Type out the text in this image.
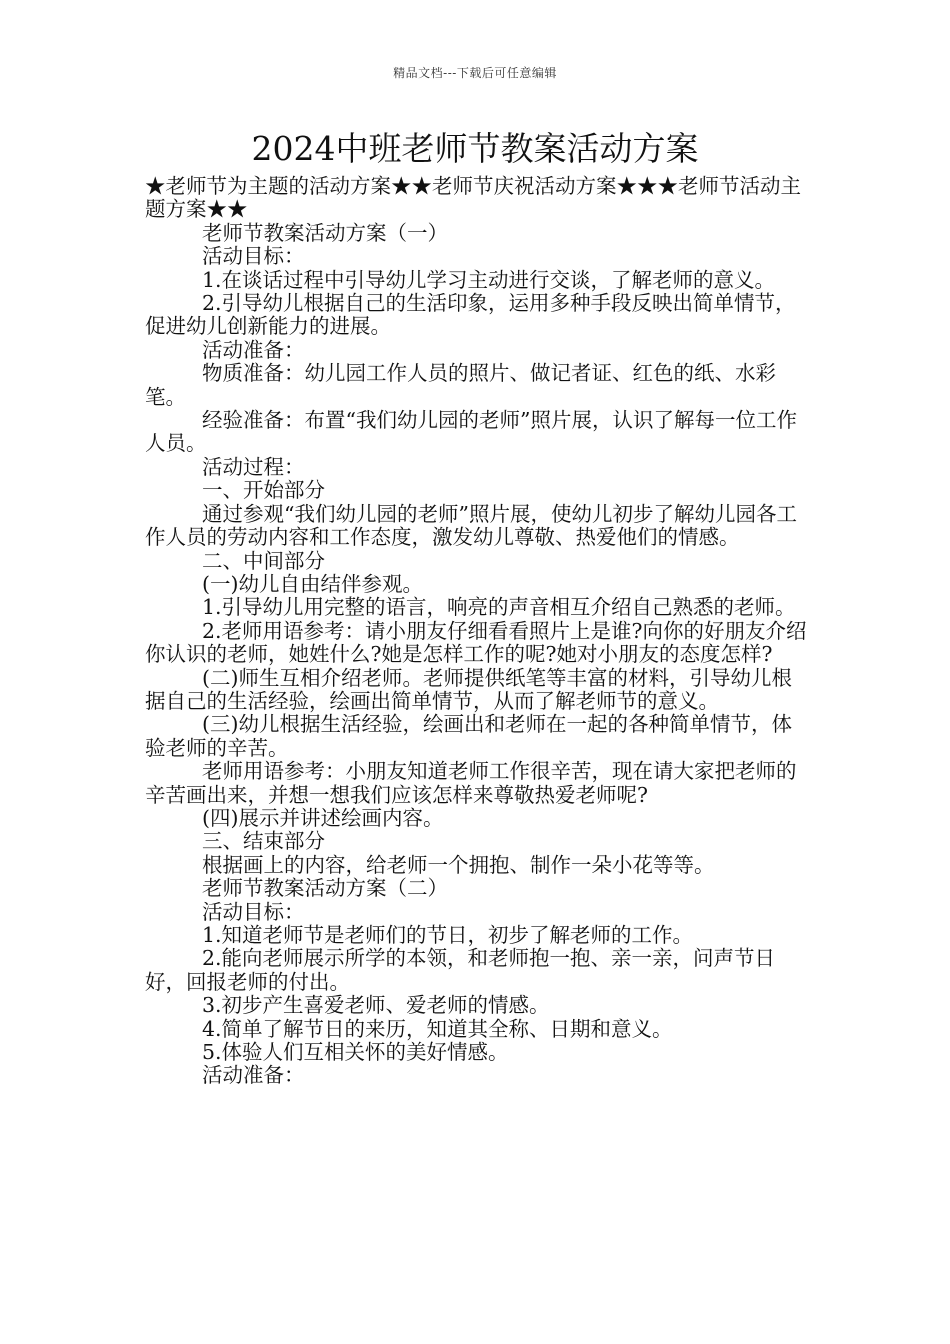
精品文档---下载后可任意编辑
2024中班老师节教案活动方案

★老师节为主题的活动方案★★老师节庆祝活动方案★★★老师节活动主题方案★★

老师节教案活动方案（一）

活动目标：

1.在谈话过程中引导幼儿学习主动进行交谈，了解老师的意义。

2.引导幼儿根据自己的生活印象，运用多种手段反映出简单情节，促进幼儿创新能力的进展。

活动准备：

物质准备：幼儿园工作人员的照片、做记者证、红色的纸、水彩笔。

经验准备：布置“我们幼儿园的老师”照片展，认识了解每一位工作人员。

活动过程：

一、开始部分

通过参观“我们幼儿园的老师”照片展，使幼儿初步了解幼儿园各工作人员的劳动内容和工作态度，激发幼儿尊敬、热爱他们的情感。

二、中间部分

(一)幼儿自由结伴参观。

1.引导幼儿用完整的语言，响亮的声音相互介绍自己熟悉的老师。

2.老师用语参考：请小朋友仔细看看照片上是谁?向你的好朋友介绍你认识的老师，她姓什么?她是怎样工作的呢?她对小朋友的态度怎样?

(二)师生互相介绍老师。老师提供纸笔等丰富的材料，引导幼儿根据自己的生活经验，绘画出简单情节，从而了解老师节的意义。

(三)幼儿根据生活经验，绘画出和老师在一起的各种简单情节，体验老师的辛苦。

老师用语参考：小朋友知道老师工作很辛苦，现在请大家把老师的辛苦画出来，并想一想我们应该怎样来尊敬热爱老师呢?

(四)展示并讲述绘画内容。

三、结束部分

根据画上的内容，给老师一个拥抱、制作一朵小花等等。

老师节教案活动方案（二）

活动目标：

1.知道老师节是老师们的节日，初步了解老师的工作。

2.能向老师展示所学的本领，和老师抱一抱、亲一亲，问声节日好，回报老师的付出。

3.初步产生喜爱老师、爱老师的情感。

4.简单了解节日的来历，知道其全称、日期和意义。

5.体验人们互相关怀的美好情感。

活动准备：
